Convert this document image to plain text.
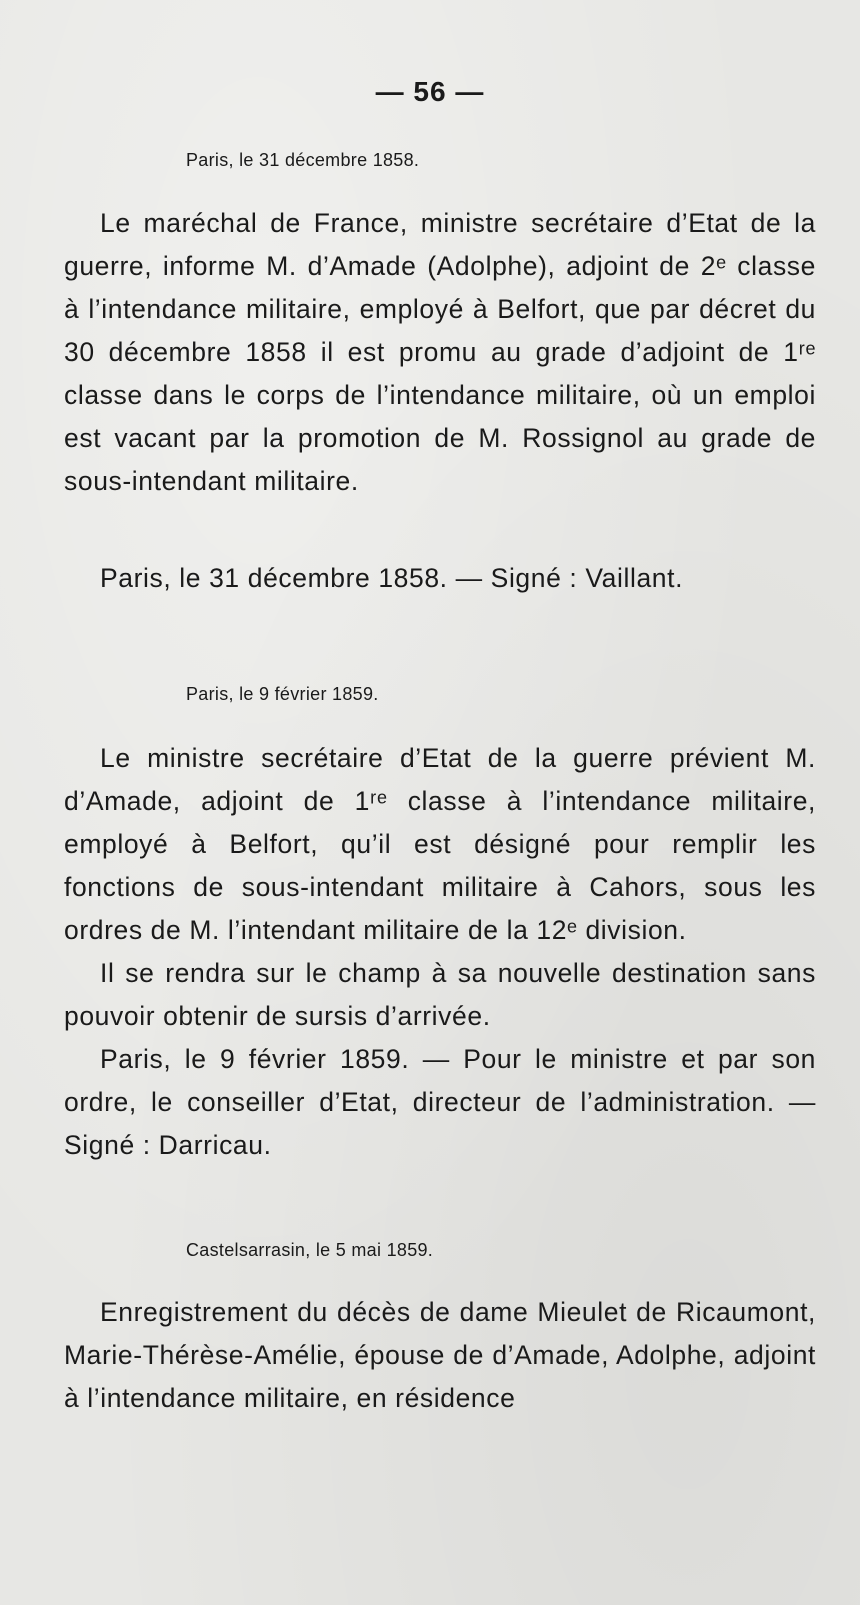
— 56 —
Paris, le 31 décembre 1858.

Le maréchal de France, ministre secrétaire d’Etat de la guerre, informe M. d’Amade (Adolphe), adjoint de 2ᵉ classe à l’intendance militaire, employé à Belfort, que par décret du 30 décembre 1858 il est promu au grade d’adjoint de 1ʳᵉ classe dans le corps de l’intendance militaire, où un emploi est vacant par la promotion de M. Rossignol au grade de sous-intendant militaire.

Paris, le 31 décembre 1858. — Signé : Vaillant.

Paris, le 9 février 1859.

Le ministre secrétaire d’Etat de la guerre prévient M. d’Amade, adjoint de 1ʳᵉ classe à l’intendance militaire, employé à Belfort, qu’il est désigné pour remplir les fonctions de sous-intendant militaire à Cahors, sous les ordres de M. l’intendant militaire de la 12ᵉ division.

Il se rendra sur le champ à sa nouvelle destination sans pouvoir obtenir de sursis d’arrivée.

Paris, le 9 février 1859. — Pour le ministre et par son ordre, le conseiller d’Etat, directeur de l’administration. — Signé : Darricau.

Castelsarrasin, le 5 mai 1859.

Enregistrement du décès de dame Mieulet de Ricaumont, Marie-Thérèse-Amélie, épouse de d’Amade, Adolphe, adjoint à l’intendance militaire, en résidence
